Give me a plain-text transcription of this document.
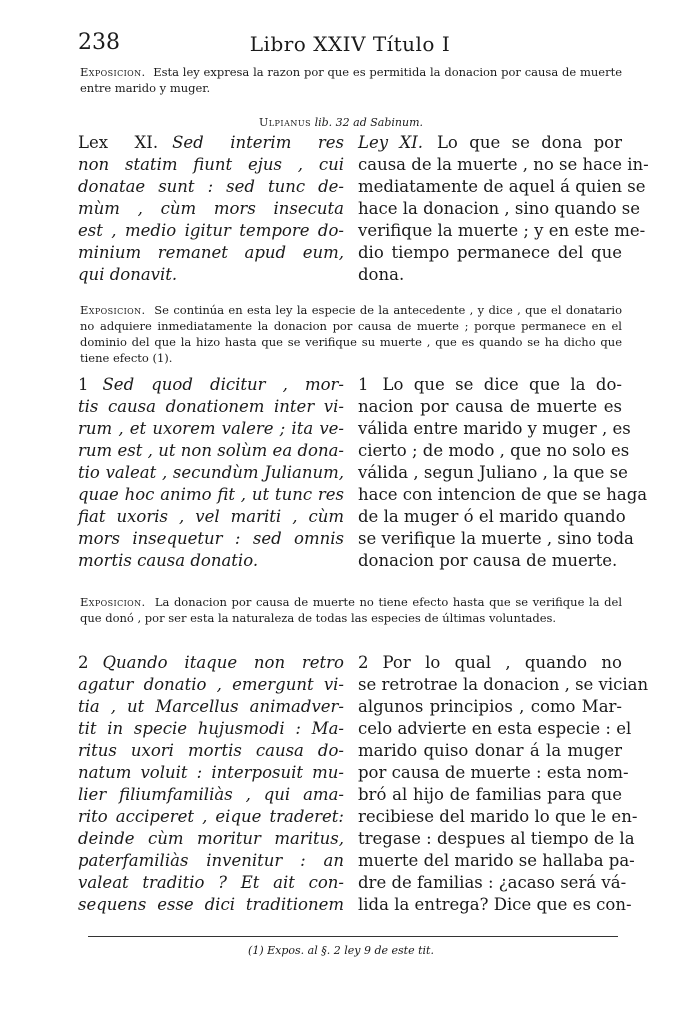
238	Libro XXIV Título I
Exposicion. Esta ley expresa la razon por que es permitida la donacion por causa de muerte entre marido y muger.
Ulpianus lib. 32 ad Sabinum.
Lex XI. Sed interim res
non statim fiunt ejus , cui
donatae sunt : sed tunc de-
mùm , cùm mors insecuta
est , medio igitur tempore do-
minium remanet apud eum,
qui donavit.
Ley XI. Lo que se dona por
causa de la muerte , no se hace in-
mediatamente de aquel á quien se
hace la donacion , sino quando se
verifique la muerte ; y en este me-
dio tiempo permanece del que
dona.
Exposicion. Se continúa en esta ley la especie de la antecedente , y dice , que el donatario no adquiere inmediatamente la donacion por causa de muerte ; porque permanece en el dominio del que la hizo hasta que se verifique su muerte , que es quando se ha dicho que tiene efecto (1).
1 Sed quod dicitur , mor-
tis causa donationem inter vi-
rum , et uxorem valere ; ita ve-
rum est , ut non solùm ea dona-
tio valeat , secundùm Julianum,
quae hoc animo fit , ut tunc res
fiat uxoris , vel mariti , cùm
mors insequetur : sed omnis
mortis causa donatio.
1 Lo que se dice que la do-
nacion por causa de muerte es
válida entre marido y muger , es
cierto ; de modo , que no solo es
válida , segun Juliano , la que se
hace con intencion de que se haga
de la muger ó el marido quando
se verifique la muerte , sino toda
donacion por causa de muerte.
Exposicion. La donacion por causa de muerte no tiene efecto hasta que se verifique la del que donó , por ser esta la naturaleza de todas las especies de últimas voluntades.
2 Quando itaque non retro
agatur donatio , emergunt vi-
tia , ut Marcellus animadver-
tit in specie hujusmodi : Ma-
ritus uxori mortis causa do-
natum voluit : interposuit mu-
lier filiumfamiliàs , qui ama-
rito acciperet , eique traderet:
deinde cùm moritur maritus,
paterfamiliàs invenitur : an
valeat traditio ? Et ait con-
sequens esse dici traditionem
2 Por lo qual , quando no
se retrotrae la donacion , se vician
algunos principios , como Mar-
celo advierte en esta especie : el
marido quiso donar á la muger
por causa de muerte : esta nom-
bró al hijo de familias para que
recibiese del marido lo que le en-
tregase : despues al tiempo de la
muerte del marido se hallaba pa-
dre de familias : ¿acaso será vá-
lida la entrega? Dice que es con-
(1) Expos. al §. 2 ley 9 de este tit.
